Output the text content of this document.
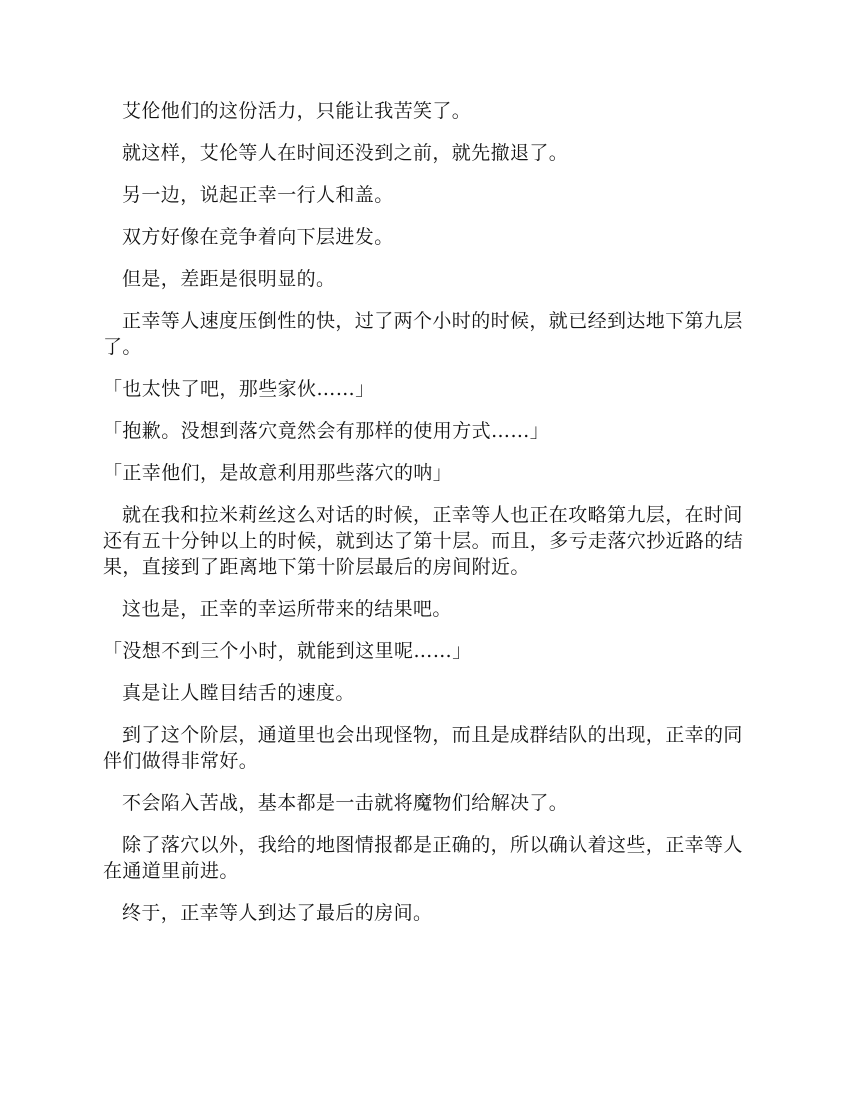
艾伦他们的这份活力，只能让我苦笑了。

就这样，艾伦等人在时间还没到之前，就先撤退了。

另一边，说起正幸一行人和盖。

双方好像在竞争着向下层进发。

但是，差距是很明显的。

正幸等人速度压倒性的快，过了两个小时的时候，就已经到达地下第九层了。

「也太快了吧，那些家伙……」

「抱歉。没想到落穴竟然会有那样的使用方式……」

「正幸他们，是故意利用那些落穴的呐」

就在我和拉米莉丝这么对话的时候，正幸等人也正在攻略第九层，在时间还有五十分钟以上的时候，就到达了第十层。而且，多亏走落穴抄近路的结果，直接到了距离地下第十阶层最后的房间附近。

这也是，正幸的幸运所带来的结果吧。

「没想不到三个小时，就能到这里呢……」

真是让人瞠目结舌的速度。

到了这个阶层，通道里也会出现怪物，而且是成群结队的出现，正幸的同伴们做得非常好。

不会陷入苦战，基本都是一击就将魔物们给解决了。

除了落穴以外，我给的地图情报都是正确的，所以确认着这些，正幸等人在通道里前进。

终于，正幸等人到达了最后的房间。
